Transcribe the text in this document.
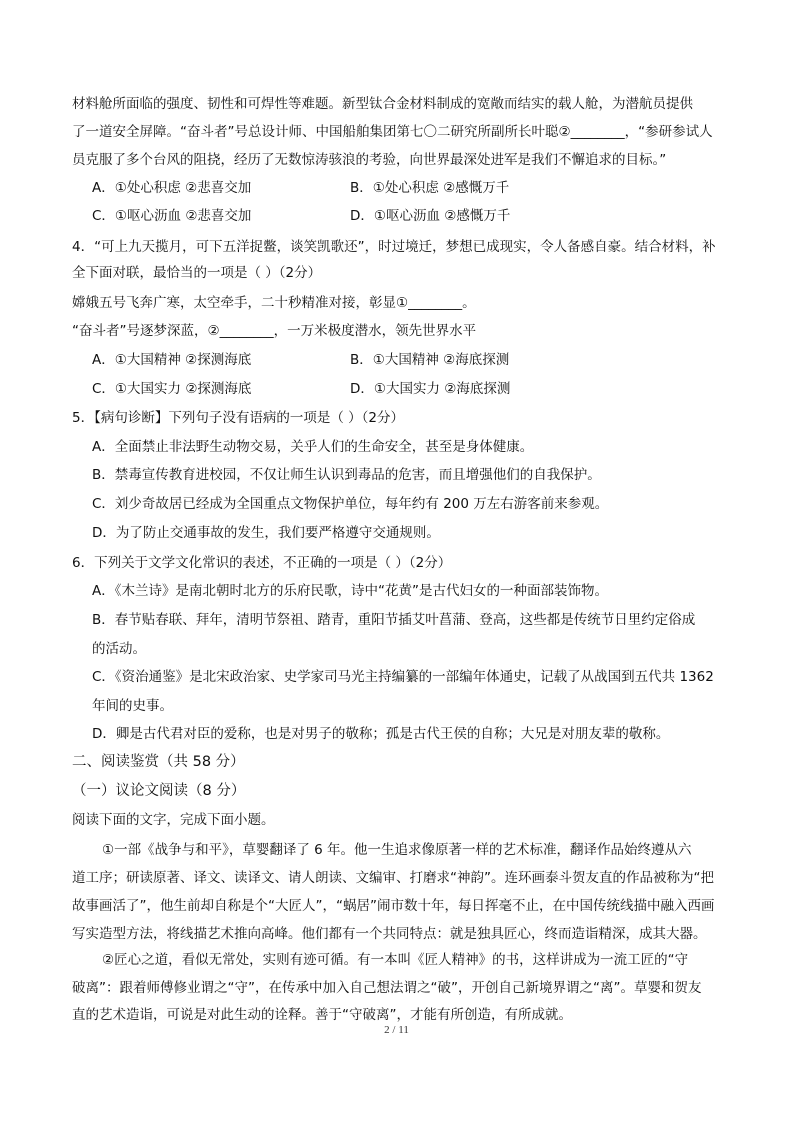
材料舱所面临的强度、韧性和可焊性等难题。新型钛合金材料制成的宽敞而结实的载人舱，为潜航员提供
了一道安全屏障。“奋斗者”号总设计师、中国船舶集团第七〇二研究所副所长叶聪②________，“参研参试人
员克服了多个台风的阻挠，经历了无数惊涛骇浪的考验，向世界最深处进军是我们不懈追求的目标。”
A．①处心积虑 ②悲喜交加	B．①处心积虑 ②感慨万千
C．①呕心沥血 ②悲喜交加	D．①呕心沥血 ②感慨万千
4．“可上九天揽月，可下五洋捉鳖，谈笑凯歌还”，时过境迁，梦想已成现实，令人备感自豪。结合材料，补
全下面对联，最恰当的一项是（ ）（2分）
嫦娥五号飞奔广寒，太空牵手，二十秒精准对接，彰显①________。
“奋斗者”号逐梦深蓝，②________，一万米极度潜水，领先世界水平
A．①大国精神 ②探测海底	B．①大国精神 ②海底探测
C．①大国实力 ②探测海底	D．①大国实力 ②海底探测
5．【病句诊断】下列句子没有语病的一项是（ ）（2分）
A．全面禁止非法野生动物交易，关乎人们的生命安全，甚至是身体健康。
B．禁毒宣传教育进校园，不仅让师生认识到毒品的危害，而且增强他们的自我保护。
C．刘少奇故居已经成为全国重点文物保护单位，每年约有 200 万左右游客前来参观。
D．为了防止交通事故的发生，我们要严格遵守交通规则。
6．下列关于文学文化常识的表述，不正确的一项是（ ）（2分）
A．《木兰诗》是南北朝时北方的乐府民歌，诗中“花黄”是古代妇女的一种面部装饰物。
B．春节贴春联、拜年，清明节祭祖、踏青，重阳节插艾叶菖蒲、登高，这些都是传统节日里约定俗成
的活动。
C．《资治通鉴》是北宋政治家、史学家司马光主持编纂的一部编年体通史，记载了从战国到五代共 1362
年间的史事。
D．卿是古代君对臣的爱称，也是对男子的敬称；孤是古代王侯的自称；大兄是对朋友辈的敬称。
二、阅读鉴赏（共 58 分）
（一）议论文阅读（8 分）
阅读下面的文字，完成下面小题。
①一部《战争与和平》，草婴翻译了 6 年。他一生追求像原著一样的艺术标准，翻译作品始终遵从六
道工序；研读原著、译文、读译文、请人朗读、文编审、打磨求“神韵”。连环画泰斗贺友直的作品被称为“把
故事画活了”，他生前却自称是个“大匠人”，“蜗居”闹市数十年，每日挥毫不止，在中国传统线描中融入西画
写实造型方法，将线描艺术推向高峰。他们都有一个共同特点：就是独具匠心，终而造诣精深，成其大器。
②匠心之道，看似无常处，实则有迹可循。有一本叫《匠人精神》的书，这样讲成为一流工匠的“守
破离”：跟着师傅修业谓之“守”，在传承中加入自己想法谓之“破”，开创自己新境界谓之“离”。草婴和贺友
直的艺术造诣，可说是对此生动的诠释。善于“守破离”，才能有所创造，有所成就。
2 / 11
